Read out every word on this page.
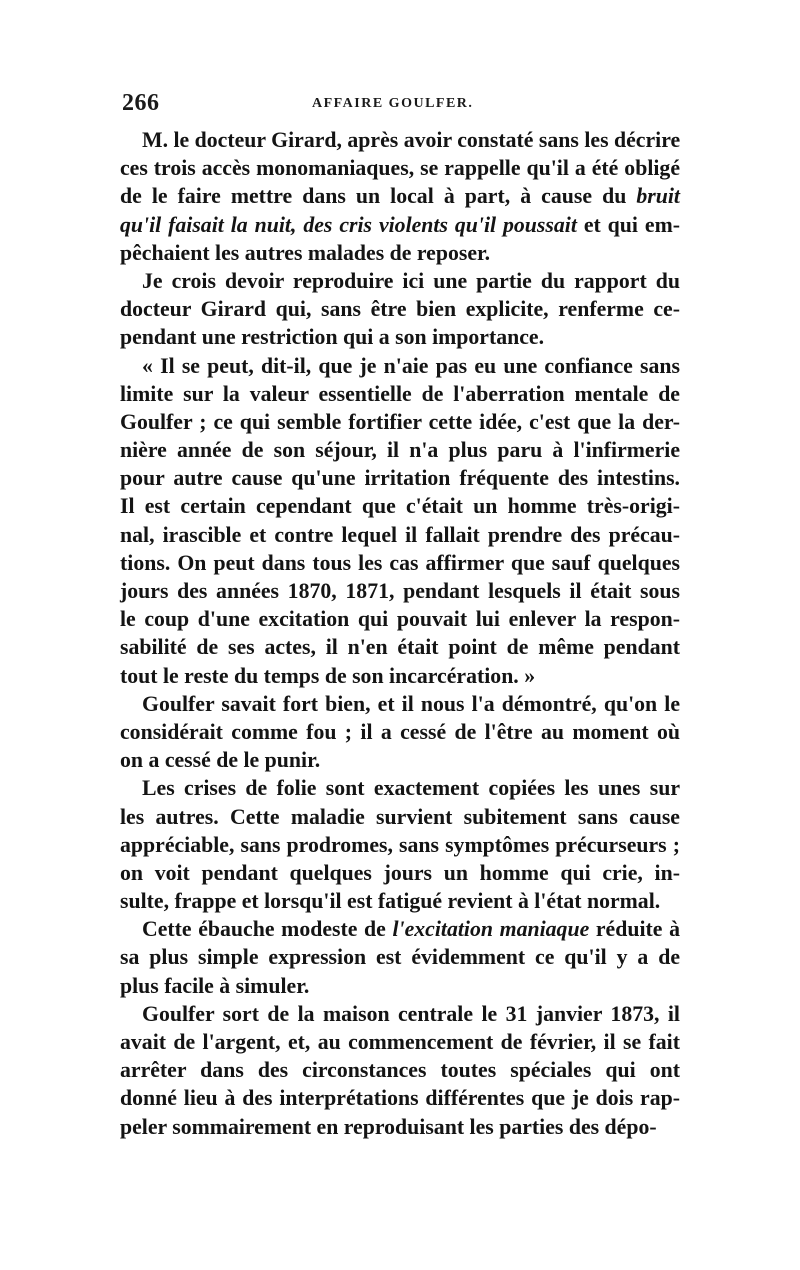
266	AFFAIRE GOULFER.
M. le docteur Girard, après avoir constaté sans les décrire
ces trois accès monomaniaques, se rappelle qu'il a été obligé
de le faire mettre dans un local à part, à cause du bruit
qu'il faisait la nuit, des cris violents qu'il poussait et qui em-
pêchaient les autres malades de reposer.
Je crois devoir reproduire ici une partie du rapport du
docteur Girard qui, sans être bien explicite, renferme ce-
pendant une restriction qui a son importance.
« Il se peut, dit-il, que je n'aie pas eu une confiance sans
limite sur la valeur essentielle de l'aberration mentale de
Goulfer ; ce qui semble fortifier cette idée, c'est que la der-
nière année de son séjour, il n'a plus paru à l'infirmerie
pour autre cause qu'une irritation fréquente des intestins.
Il est certain cependant que c'était un homme très-origi-
nal, irascible et contre lequel il fallait prendre des précau-
tions. On peut dans tous les cas affirmer que sauf quelques
jours des années 1870, 1871, pendant lesquels il était sous
le coup d'une excitation qui pouvait lui enlever la respon-
sabilité de ses actes, il n'en était point de même pendant
tout le reste du temps de son incarcération. »
Goulfer savait fort bien, et il nous l'a démontré, qu'on le
considérait comme fou ; il a cessé de l'être au moment où
on a cessé de le punir.
Les crises de folie sont exactement copiées les unes sur
les autres. Cette maladie survient subitement sans cause
appréciable, sans prodromes, sans symptômes précurseurs ;
on voit pendant quelques jours un homme qui crie, in-
sulte, frappe et lorsqu'il est fatigué revient à l'état normal.
Cette ébauche modeste de l'excitation maniaque réduite à
sa plus simple expression est évidemment ce qu'il y a de
plus facile à simuler.
Goulfer sort de la maison centrale le 31 janvier 1873, il
avait de l'argent, et, au commencement de février, il se fait
arrêter dans des circonstances toutes spéciales qui ont
donné lieu à des interprétations différentes que je dois rap-
peler sommairement en reproduisant les parties des dépo-
